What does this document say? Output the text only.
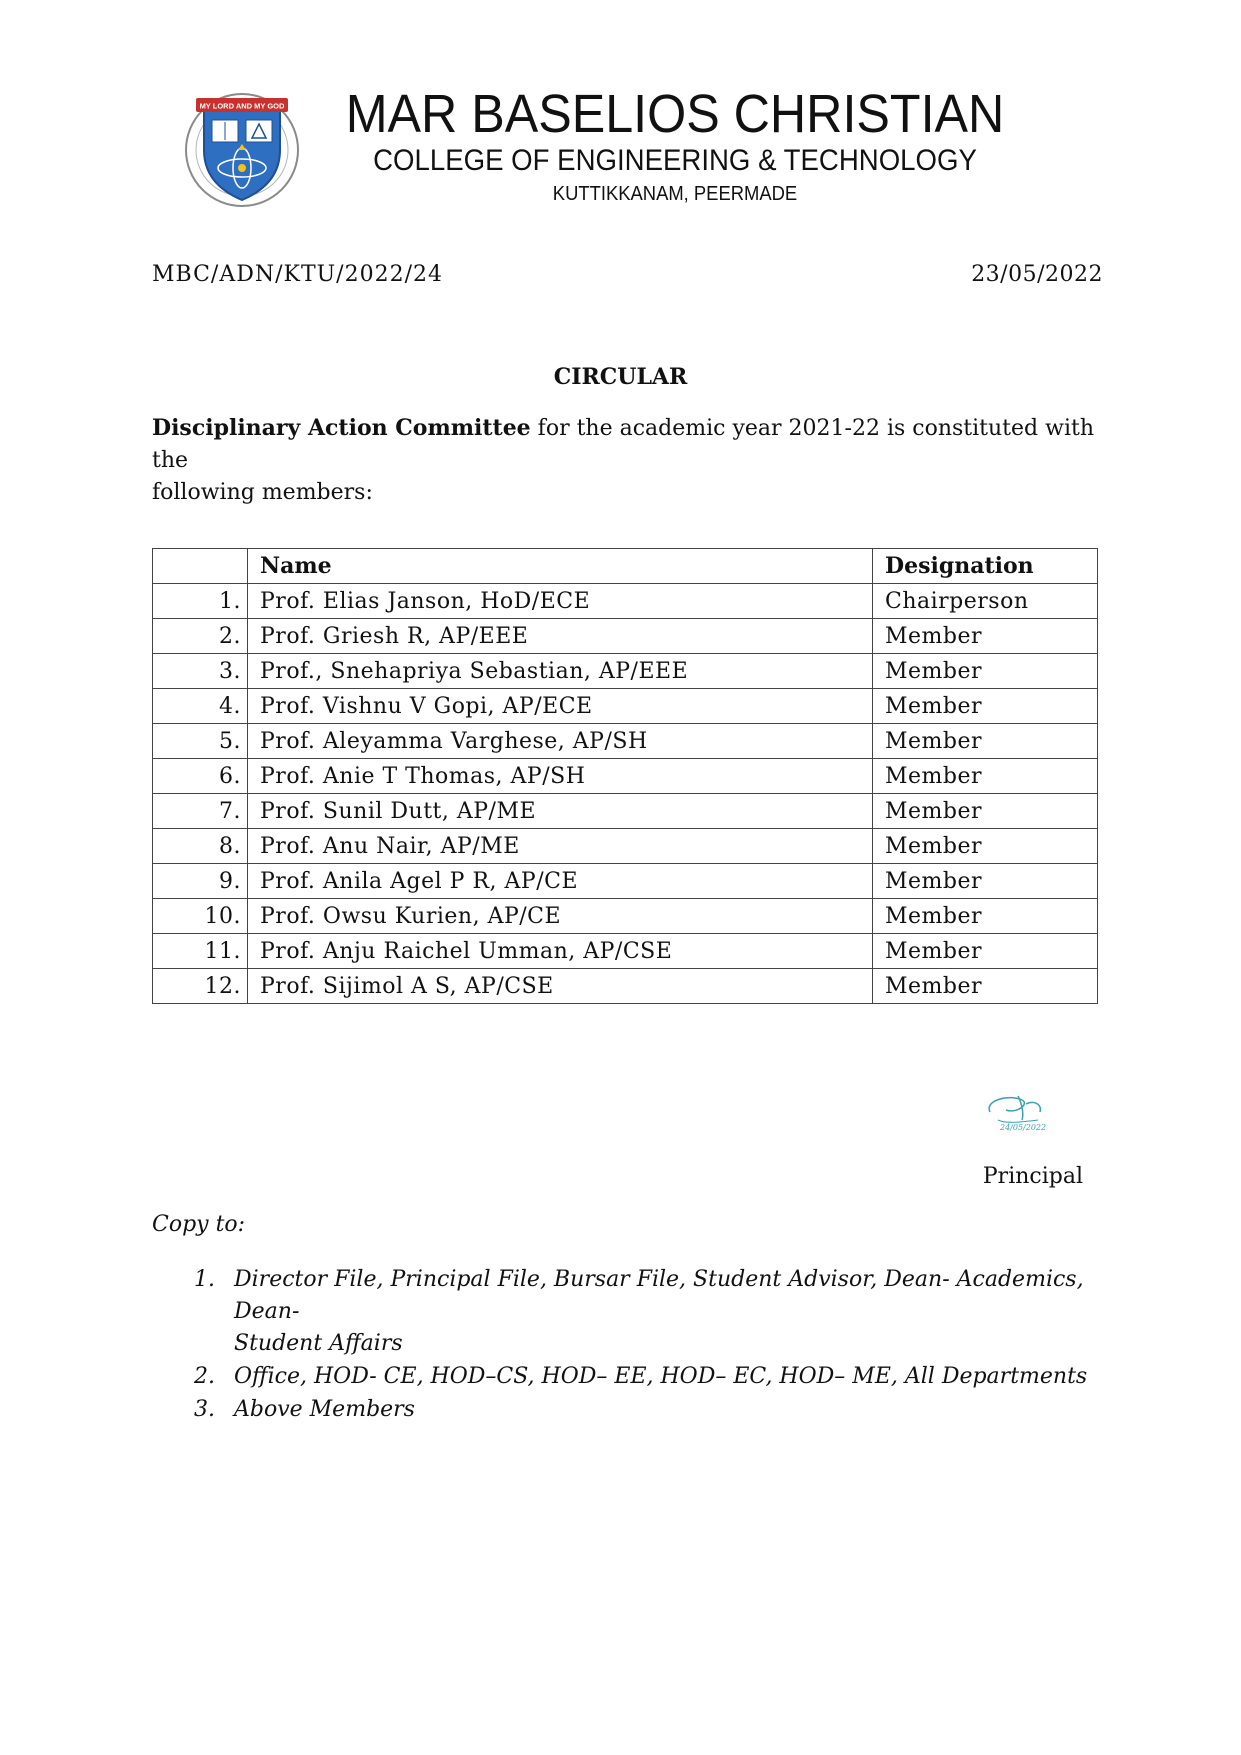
MY LORD AND MY GOD MAR BASELIOS CHRISTIAN
COLLEGE OF ENGINEERING & TECHNOLOGY
KUTTIKKANAM, PEERMADE
MBC/ADN/KTU/2022/24	23/05/2022
CIRCULAR
Disciplinary Action Committee for the academic year 2021-22 is constituted with the
following members:
	Name	Designation
1.	Prof. Elias Janson, HoD/ECE	Chairperson
2.	Prof. Griesh R, AP/EEE	Member
3.	Prof., Snehapriya Sebastian, AP/EEE	Member
4.	Prof. Vishnu V Gopi, AP/ECE	Member
5.	Prof. Aleyamma Varghese, AP/SH	Member
6.	Prof. Anie T Thomas, AP/SH	Member
7.	Prof. Sunil Dutt, AP/ME	Member
8.	Prof. Anu Nair, AP/ME	Member
9.	Prof. Anila Agel P R, AP/CE	Member
10.	Prof. Owsu Kurien, AP/CE	Member
11.	Prof. Anju Raichel Umman, AP/CSE	Member
12.	Prof. Sijimol A S, AP/CSE	Member
24/05/2022
Principal
Copy to:
1. Director File, Principal File, Bursar File, Student Advisor, Dean- Academics, Dean-
Student Affairs
2. Office, HOD- CE, HOD–CS, HOD– EE, HOD– EC, HOD– ME, All Departments
3. Above Members
